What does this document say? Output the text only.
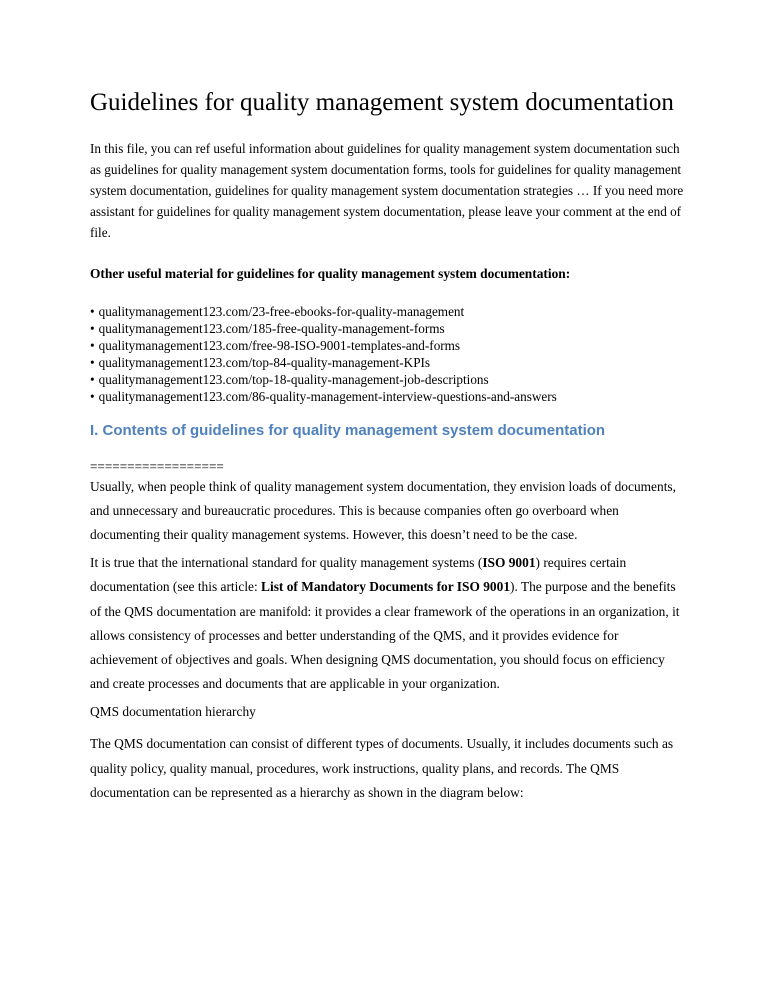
Guidelines for quality management system documentation

In this file, you can ref useful information about guidelines for quality management system documentation such as guidelines for quality management system documentation forms, tools for guidelines for quality management system documentation, guidelines for quality management system documentation strategies … If you need more assistant for guidelines for quality management system documentation, please leave your comment at the end of file.

Other useful material for guidelines for quality management system documentation:

• qualitymanagement123.com/23-free-ebooks-for-quality-management
• qualitymanagement123.com/185-free-quality-management-forms
• qualitymanagement123.com/free-98-ISO-9001-templates-and-forms
• qualitymanagement123.com/top-84-quality-management-KPIs
• qualitymanagement123.com/top-18-quality-management-job-descriptions
• qualitymanagement123.com/86-quality-management-interview-questions-and-answers
I. Contents of guidelines for quality management system documentation

==================

Usually, when people think of quality management system documentation, they envision loads of documents, and unnecessary and bureaucratic procedures. This is because companies often go overboard when documenting their quality management systems. However, this doesn’t need to be the case.

It is true that the international standard for quality management systems (ISO 9001) requires certain documentation (see this article: List of Mandatory Documents for ISO 9001). The purpose and the benefits of the QMS documentation are manifold: it provides a clear framework of the operations in an organization, it allows consistency of processes and better understanding of the QMS, and it provides evidence for achievement of objectives and goals. When designing QMS documentation, you should focus on efficiency and create processes and documents that are applicable in your organization.

QMS documentation hierarchy

The QMS documentation can consist of different types of documents. Usually, it includes documents such as quality policy, quality manual, procedures, work instructions, quality plans, and records. The QMS documentation can be represented as a hierarchy as shown in the diagram below:
